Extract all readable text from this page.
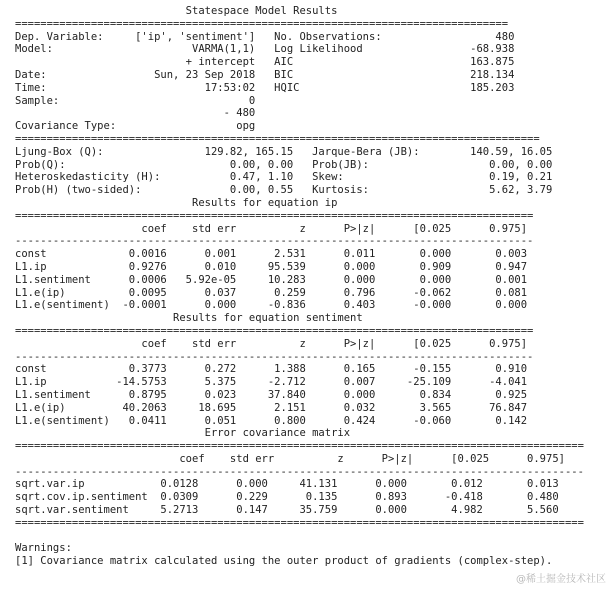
Statespace Model Results
==============================================================================
Dep. Variable:     ['ip', 'sentiment']   No. Observations:                  480
Model:                      VARMA(1,1)   Log Likelihood                 -68.938
+ intercept   AIC                            163.875
Date:                 Sun, 23 Sep 2018   BIC                            218.134
Time:                         17:53:02   HQIC                           185.203
Sample:                              0
- 480
Covariance Type:                   opg
===================================================================================
Ljung-Box (Q):                129.82, 165.15   Jarque-Bera (JB):        140.59, 16.05
Prob(Q):                          0.00, 0.00   Prob(JB):                   0.00, 0.00
Heteroskedasticity (H):           0.47, 1.10   Skew:                       0.19, 0.21
Prob(H) (two-sided):              0.00, 0.55   Kurtosis:                   5.62, 3.79
Results for equation ip
==================================================================================
coef    std err          z      P>|z|      [0.025      0.975]
----------------------------------------------------------------------------------
const             0.0016      0.001      2.531      0.011       0.000       0.003
L1.ip             0.9276      0.010     95.539      0.000       0.909       0.947
L1.sentiment      0.0006   5.92e-05     10.283      0.000       0.000       0.001
L1.e(ip)          0.0095      0.037      0.259      0.796      -0.062       0.081
L1.e(sentiment)  -0.0001      0.000     -0.836      0.403      -0.000       0.000
Results for equation sentiment
==================================================================================
coef    std err          z      P>|z|      [0.025      0.975]
----------------------------------------------------------------------------------
const             0.3773      0.272      1.388      0.165      -0.155       0.910
L1.ip           -14.5753      5.375     -2.712      0.007     -25.109      -4.041
L1.sentiment      0.8795      0.023     37.840      0.000       0.834       0.925
L1.e(ip)         40.2063     18.695      2.151      0.032       3.565      76.847
L1.e(sentiment)   0.0411      0.051      0.800      0.424      -0.060       0.142
Error covariance matrix
==========================================================================================
coef    std err          z      P>|z|      [0.025      0.975]
------------------------------------------------------------------------------------------
sqrt.var.ip            0.0128      0.000     41.131      0.000       0.012       0.013
sqrt.cov.ip.sentiment  0.0309      0.229      0.135      0.893      -0.418       0.480
sqrt.var.sentiment     5.2713      0.147     35.759      0.000       4.982       5.560
==========================================================================================

Warnings:
[1] Covariance matrix calculated using the outer product of gradients (complex-step).
@稀土掘金技术社区
